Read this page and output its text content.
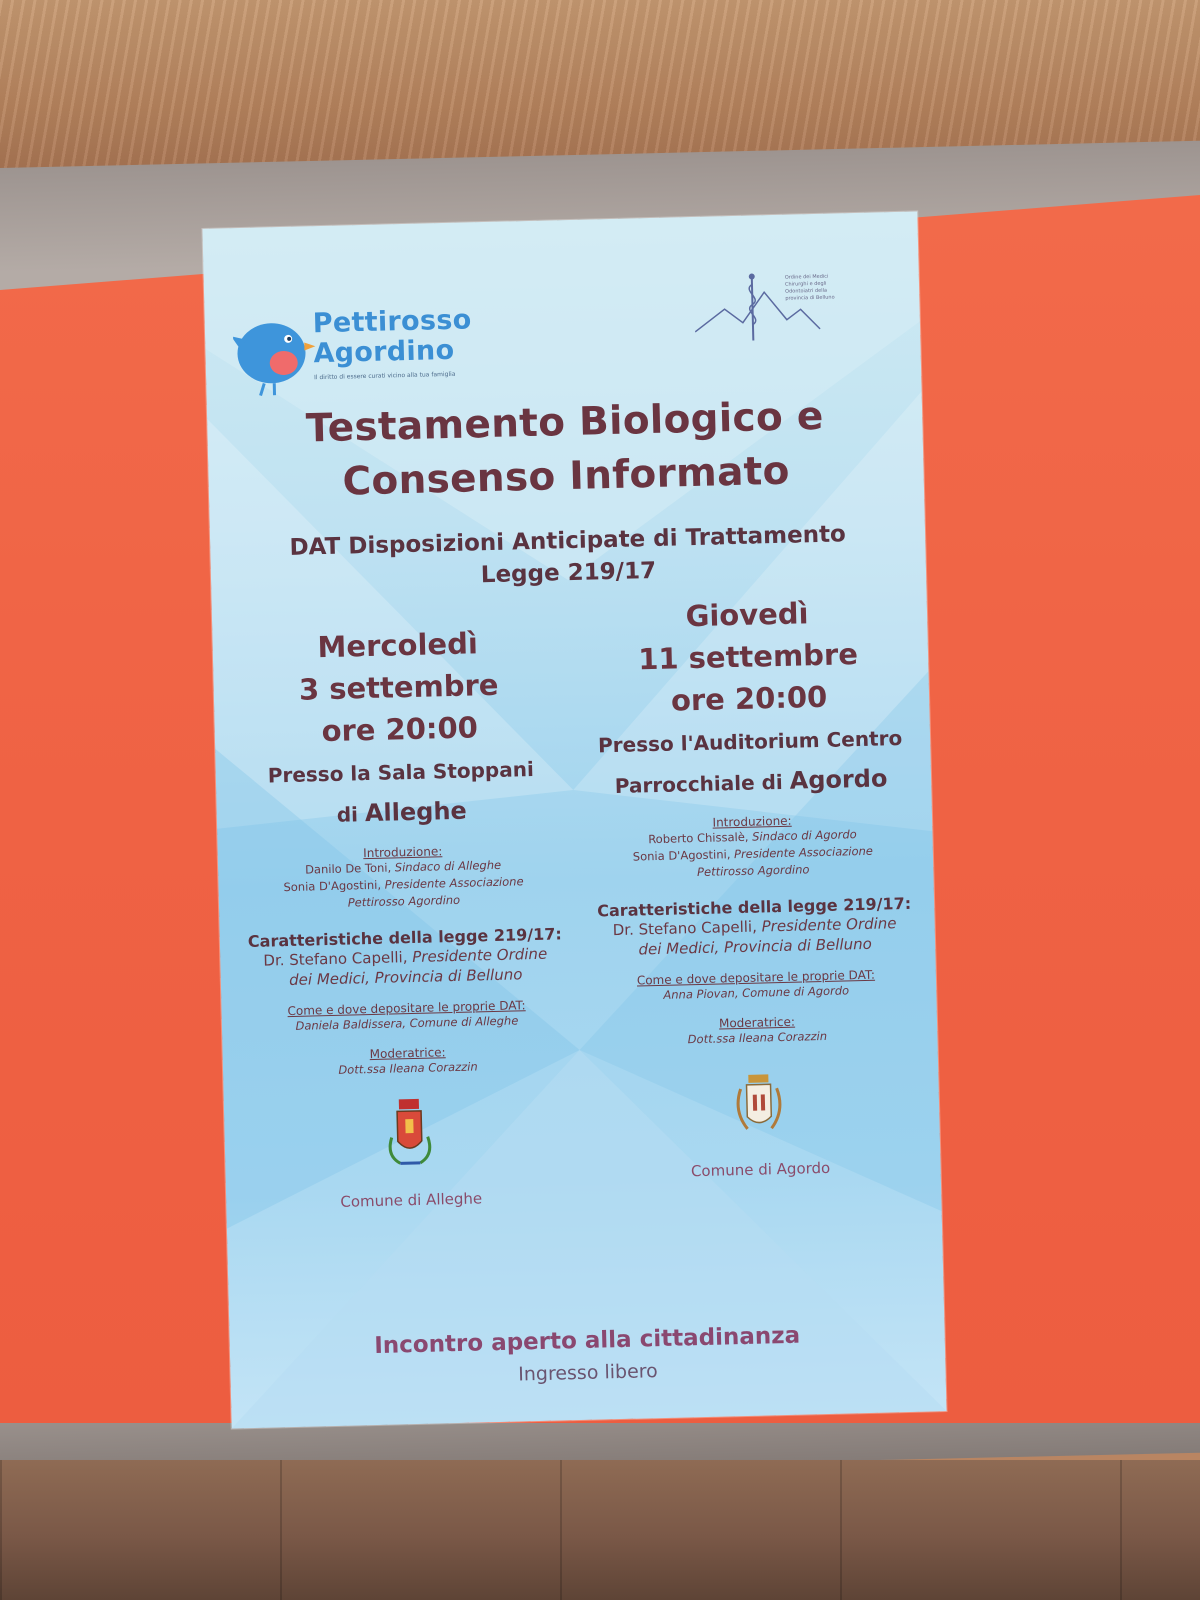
Pettirosso
Agordino
Il diritto di essere curati vicino alla tua famiglia
Ordine dei Medici Chirurghi e degli Odontoiatri della provincia di Belluno
Testamento Biologico e
Consenso Informato
DAT Disposizioni Anticipate di Trattamento
Legge 219/17
Mercoledì
3 settembre
ore 20:00
Presso la Sala Stoppani
di Alleghe
Introduzione:
Danilo De Toni, Sindaco di Alleghe
Sonia D'Agostini, Presidente Associazione
Pettirosso Agordino
Caratteristiche della legge 219/17:
Dr. Stefano Capelli, Presidente Ordine
dei Medici, Provincia di Belluno
Come e dove depositare le proprie DAT:
Daniela Baldissera, Comune di Alleghe
Moderatrice:
Dott.ssa Ileana Corazzin
Comune di Alleghe
Giovedì
11 settembre
ore 20:00
Presso l'Auditorium Centro
Parrocchiale di Agordo
Introduzione:
Roberto Chissalè, Sindaco di Agordo
Sonia D'Agostini, Presidente Associazione
Pettirosso Agordino
Caratteristiche della legge 219/17:
Dr. Stefano Capelli, Presidente Ordine
dei Medici, Provincia di Belluno
Come e dove depositare le proprie DAT:
Anna Piovan, Comune di Agordo
Moderatrice:
Dott.ssa Ileana Corazzin
Comune di Agordo
Incontro aperto alla cittadinanza
Ingresso libero
